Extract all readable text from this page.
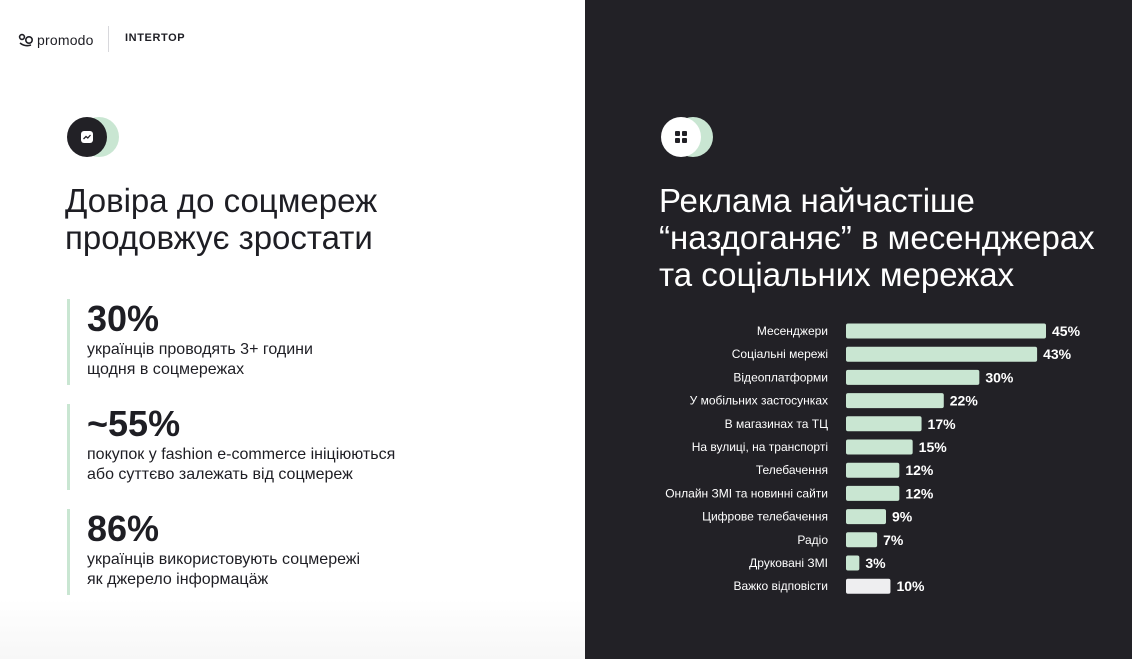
promodo	INTERTOP
Довіра до соцмереж
продовжує зростати
30%
українців проводять 3+ години
щодня в соцмережах
~55%
покупок у fashion e-commerce ініціюються
або суттєво залежать від соцмереж
86%
українців використовують соцмережі
як джерело інформацäж
Реклама найчастіше
“наздоганяє” в месенджерах
та соціальних мережах
Месенджери	45%
Соціальні мережі	43%
Відеоплатформи	30%
У мобільних застосунках	22%
В магазинах та ТЦ	17%
На вулиці, на транспорті	15%
Телебачення	12%
Онлайн ЗМІ та новинні сайти	12%
Цифрове телебачення	9%
Радіо	7%
Друковані ЗМІ	3%
Важко відповісти	10%
